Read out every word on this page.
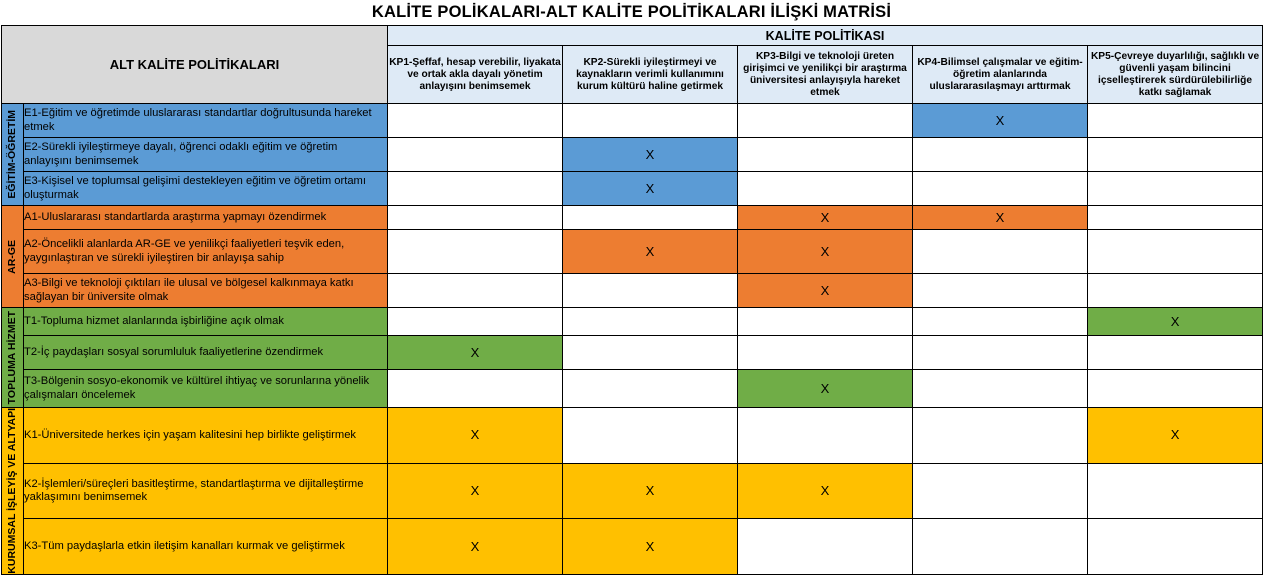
KALİTE POLİKALARI-ALT KALİTE POLİTİKALARI İLİŞKİ MATRİSİ
ALT KALİTE POLİTİKALARI		KALİTE POLİTİKASI				
		KP1-Şeffaf, hesap verebilir, liyakata ve ortak akla dayalı yönetim anlayışını benimsemek	KP2-Sürekli iyileştirmeyi ve kaynakların verimli kullanımını kurum kültürü haline getirmek	KP3-Bilgi ve teknoloji üreten girişimci ve yenilikçi bir araştırma üniversitesi anlayışıyla hareket etmek	KP4-Bilimsel çalışmalar ve eğitim-öğretim alanlarında uluslararasılaşmayı arttırmak	KP5-Çevreye duyarlılığı, sağlıklı ve güvenli yaşam bilincini içselleştirerek sürdürülebilirliğe katkı sağlamak

EĞİTİM-ÖĞRETİM	E1-Eğitim ve öğretimde uluslararası standartlar doğrultusunda hareket etmek				X	
	E2-Sürekli iyileştirmeye dayalı, öğrenci odaklı eğitim ve öğretim anlayışını benimsemek		X			
	E3-Kişisel ve toplumsal gelişimi destekleyen eğitim ve öğretim ortamı oluşturmak		X			

AR-GE	A1-Uluslararası standartlarda araştırma yapmayı özendirmek			X	X	
	A2-Öncelikli alanlarda AR-GE ve yenilikçi faaliyetleri teşvik eden, yaygınlaştıran ve sürekli iyileştiren bir anlayışa sahip		X	X		
	A3-Bilgi ve teknoloji çıktıları ile ulusal ve bölgesel kalkınmaya katkı sağlayan bir üniversite olmak			X		

TOPLUMA HİZMET	T1-Topluma hizmet alanlarında işbirliğine açık olmak					X
	T2-İç paydaşları sosyal sorumluluk faaliyetlerine özendirmek	X				
	T3-Bölgenin sosyo-ekonomik ve kültürel ihtiyaç ve sorunlarına yönelik çalışmaları öncelemek			X		

KURUMSAL İŞLEYİŞ VE ALTYAPI	K1-Üniversitede herkes için yaşam kalitesini hep birlikte geliştirmek	X				X
	K2-İşlemleri/süreçleri basitleştirme, standartlaştırma ve dijitalleştirme yaklaşımını benimsemek	X	X	X		
	K3-Tüm paydaşlarla etkin iletişim kanalları kurmak ve geliştirmek	X	X			
